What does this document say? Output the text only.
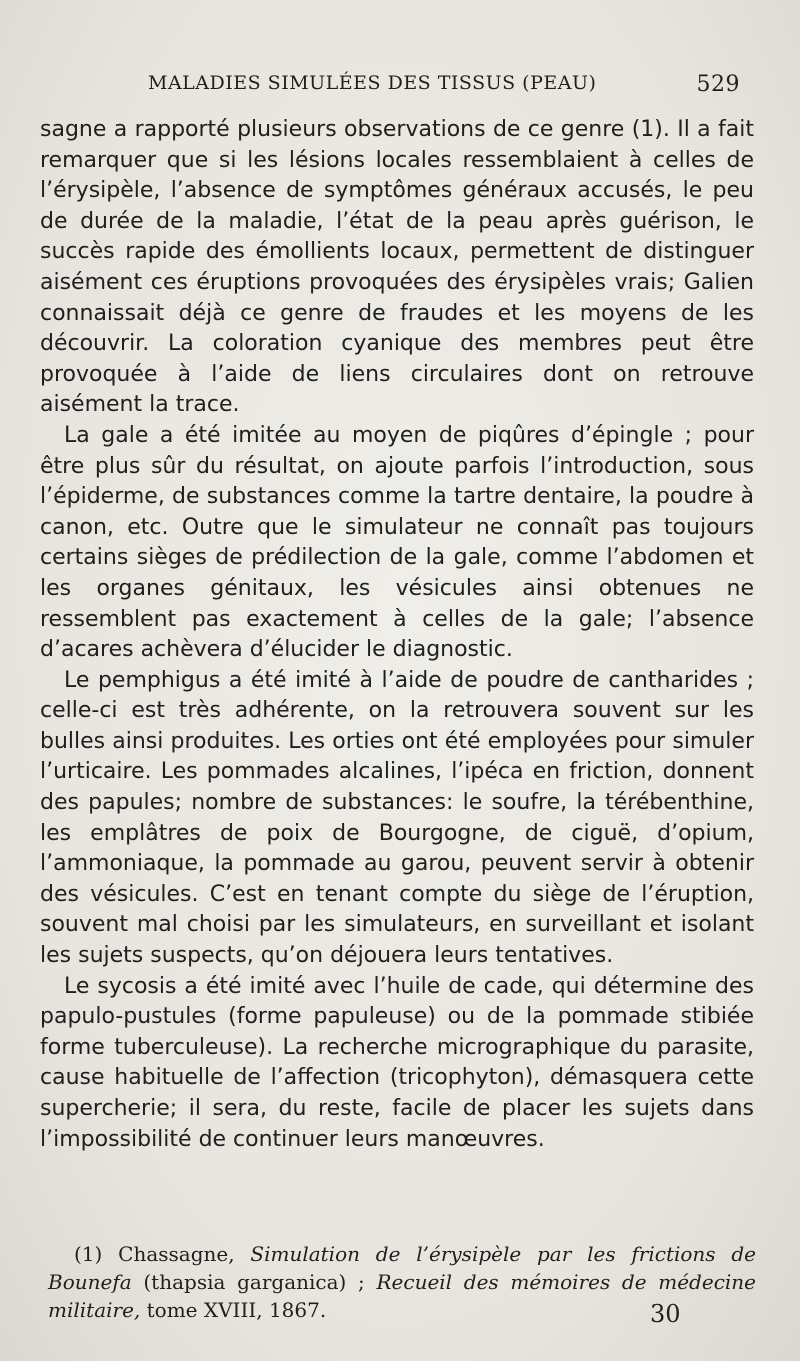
MALADIES SIMULÉES DES TISSUS (PEAU)	529

sagne a rapporté plusieurs observations de ce genre (1). Il a fait remarquer que si les lésions locales ressemblaient à celles de l’érysipèle, l’absence de symptômes généraux accusés, le peu de durée de la maladie, l’état de la peau après guérison, le succès rapide des émollients locaux, permettent de distinguer aisément ces éruptions provoquées des érysipèles vrais; Galien connaissait déjà ce genre de fraudes et les moyens de les découvrir. La coloration cyanique des membres peut être provoquée à l’aide de liens circulaires dont on retrouve aisément la trace.

La gale a été imitée au moyen de piqûres d’épingle ; pour être plus sûr du résultat, on ajoute parfois l’introduction, sous l’épiderme, de substances comme la tartre dentaire, la poudre à canon, etc. Outre que le simulateur ne connaît pas toujours certains sièges de prédilection de la gale, comme l’abdomen et les organes génitaux, les vésicules ainsi obtenues ne ressemblent pas exactement à celles de la gale; l’absence d’acares achèvera d’élucider le diagnostic.

Le pemphigus a été imité à l’aide de poudre de cantharides ; celle-ci est très adhérente, on la retrouvera souvent sur les bulles ainsi produites. Les orties ont été employées pour simuler l’urticaire. Les pommades alcalines, l’ipéca en friction, donnent des papules; nombre de substances: le soufre, la térébenthine, les emplâtres de poix de Bourgogne, de ciguë, d’opium, l’ammoniaque, la pommade au garou, peuvent servir à obtenir des vésicules. C’est en tenant compte du siège de l’éruption, souvent mal choisi par les simulateurs, en surveillant et isolant les sujets suspects, qu’on déjouera leurs tentatives.

Le sycosis a été imité avec l’huile de cade, qui détermine des papulo-pustules (forme papuleuse) ou de la pommade stibiée forme tuberculeuse). La recherche micrographique du parasite, cause habituelle de l’affection (tricophyton), démasquera cette supercherie; il sera, du reste, facile de placer les sujets dans l’impossibilité de continuer leurs manœuvres.

(1) Chassagne, Simulation de l’érysipèle par les frictions de Bounefa (thapsia garganica) ; Recueil des mémoires de médecine militaire, tome XVIII, 1867.	30
